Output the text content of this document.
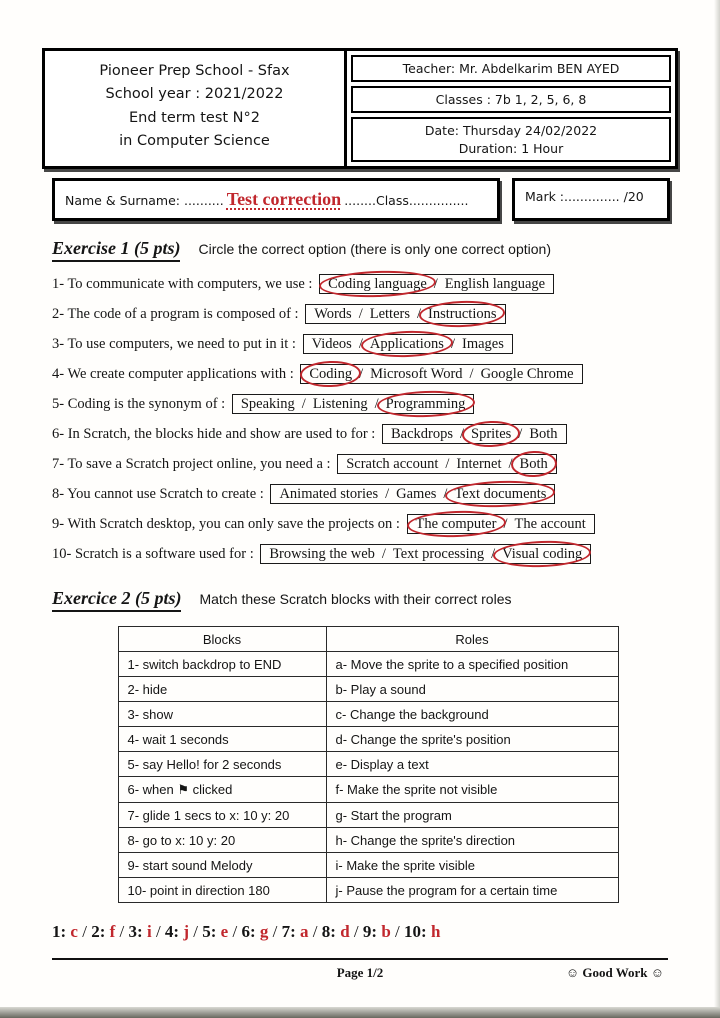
Pioneer Prep School - Sfax
School year : 2021/2022
End term test N°2
in Computer Science
Teacher: Mr. Abdelkarim BEN AYED
Classes : 7b 1, 2, 5, 6, 8
Date: Thursday 24/02/2022
Duration: 1 Hour
Name & Surname: .......... Test correction ........Class...............	Mark :.............. /20
Exercise 1 (5 pts) Circle the correct option (there is only one correct option)
1- To communicate with computers, we use : Coding language / English language
2- The code of a program is composed of : Words / Letters / Instructions
3- To use computers, we need to put in it : Videos / Applications / Images
4- We create computer applications with : Coding / Microsoft Word / Google Chrome
5- Coding is the synonym of : Speaking / Listening / Programming
6- In Scratch, the blocks hide and show are used to for : Backdrops / Sprites / Both
7- To save a Scratch project online, you need a : Scratch account / Internet / Both
8- You cannot use Scratch to create : Animated stories / Games / Text documents
9- With Scratch desktop, you can only save the projects on : The computer / The account
10- Scratch is a software used for : Browsing the web / Text processing / Visual coding
Exercice 2 (5 pts) Match these Scratch blocks with their correct roles
Blocks	Roles
1- switch backdrop to END	a- Move the sprite to a specified position
2- hide	b- Play a sound
3- show	c- Change the background
4- wait 1 seconds	d- Change the sprite's position
5- say Hello! for 2 seconds	e- Display a text
6- when ⚑ clicked	f- Make the sprite not visible
7- glide 1 secs to x: 10 y: 20	g- Start the program
8- go to x: 10 y: 20	h- Change the sprite's direction
9- start sound Melody	i- Make the sprite visible
10- point in direction 180	j- Pause the program for a certain time
1: c / 2: f / 3: i / 4: j / 5: e / 6: g / 7: a / 8: d / 9: b / 10: h
Page 1/2	☺ Good Work ☺
